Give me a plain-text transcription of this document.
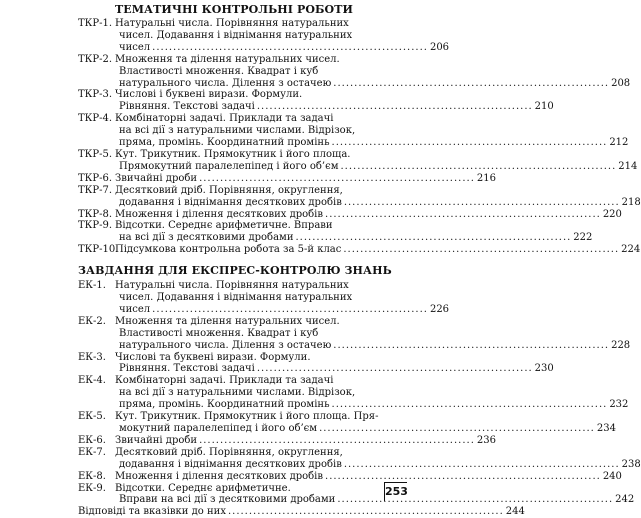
ТЕМАТИЧНІ КОНТРОЛЬНІ РОБОТИ
ТКР-1. Натуральні числа. Порівняння натуральних
чисел. Додавання і віднімання натуральних
чисел .................................................................. 206
ТКР-2. Множення та ділення натуральних чисел.
Властивості множення. Квадрат і куб
натурального числа. Ділення з остачею .................................................................. 208
ТКР-3. Числові і буквені вирази. Формули.
Рівняння. Текстові задачі .................................................................. 210
ТКР-4. Комбінаторні задачі. Приклади та задачі
на всі дії з натуральними числами. Відрізок,
пряма, промінь. Координатний промінь .................................................................. 212
ТКР-5. Кут. Трикутник. Прямокутник і його площа.
Прямокутний паралелепіпед і його об’єм .................................................................. 214
ТКР-6. Звичайні дроби .................................................................. 216
ТКР-7. Десятковий дріб. Порівняння, округлення,
додавання і віднімання десяткових дробів .................................................................. 218
ТКР-8. Множення і ділення десяткових дробів .................................................................. 220
ТКР-9. Відсотки. Середнє арифметичне. Вправи
на всі дії з десятковими дробами .................................................................. 222
ТКР-10.
Підсумкова контрольна робота за 5-й клас .................................................................. 224
ЗАВДАННЯ ДЛЯ ЕКСПРЕС-КОНТРОЛЮ ЗНАНЬ
ЕК-1. Натуральні числа. Порівняння натуральних
чисел. Додавання і віднімання натуральних
чисел .................................................................. 226
ЕК-2. Множення та ділення натуральних чисел.
Властивості множення. Квадрат і куб
натурального числа. Ділення з остачею .................................................................. 228
ЕК-3. Числові та буквені вирази. Формули.
Рівняння. Текстові задачі .................................................................. 230
ЕК-4. Комбінаторні задачі. Приклади та задачі
на всі дії з натуральними числами. Відрізок,
пряма, промінь. Координатний промінь .................................................................. 232
ЕК-5. Кут. Трикутник. Прямокутник і його площа. Пря-
мокутний паралелепіпед і його об’єм .................................................................. 234
ЕК-6. Звичайні дроби .................................................................. 236
ЕК-7. Десятковий дріб. Порівняння, округлення,
додавання і віднімання десяткових дробів .................................................................. 238
ЕК-8. Множення і ділення десяткових дробів .................................................................. 240
ЕК-9. Відсотки. Середнє арифметичне.
Вправи на всі дії з десятковими дробами .................................................................. 242
Відповіді та вказівки до них .................................................................. 244
253
